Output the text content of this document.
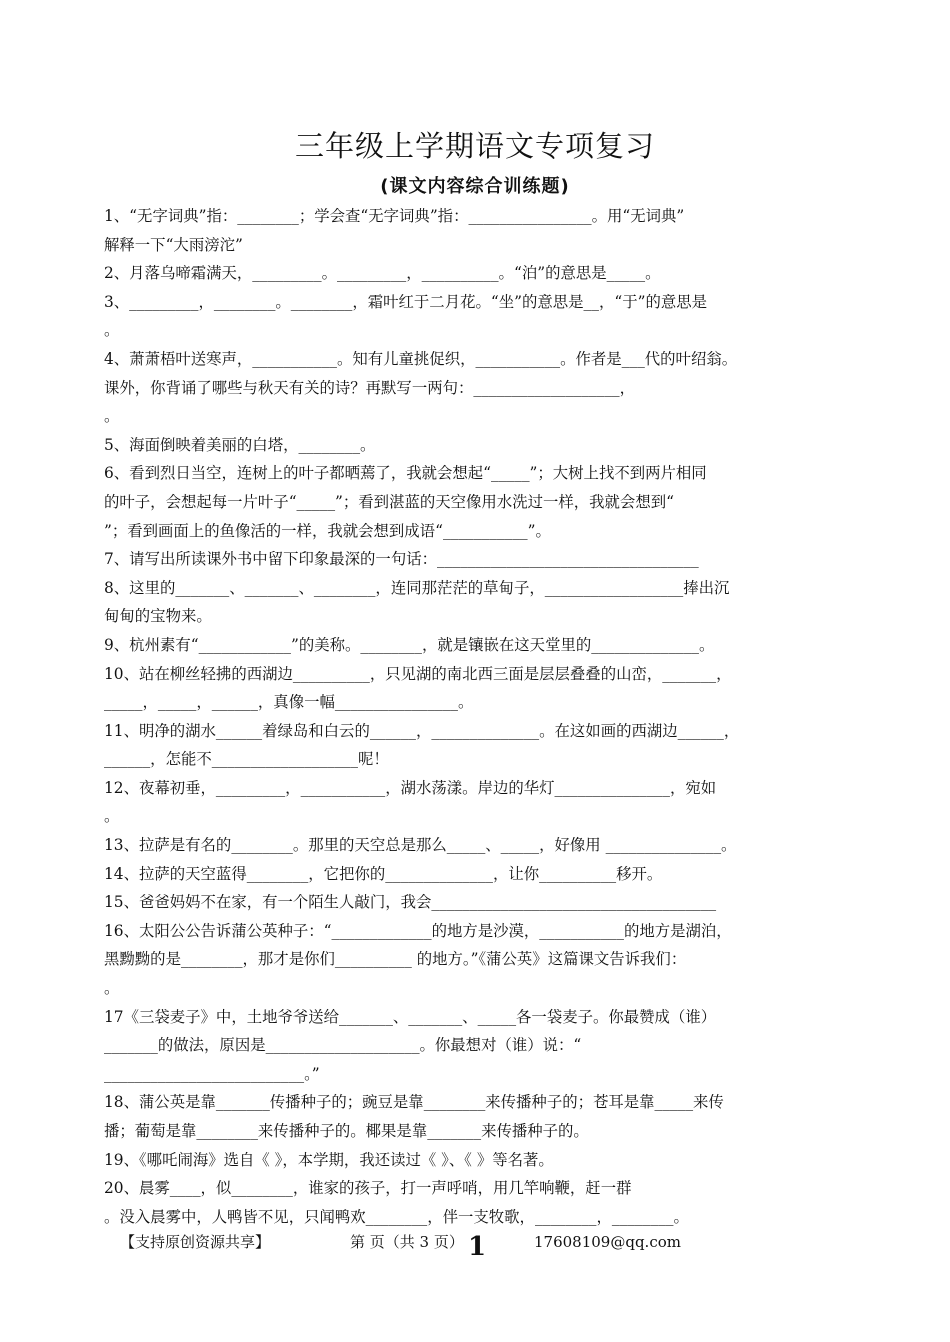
三年级上学期语文专项复习
(课文内容综合训练题)

1、“无字词典”指：________；学会查“无字词典”指：________________。用“无词典”

解释一下“大雨滂沱”

2、月落乌啼霜满天，_________。_________，__________。“泊”的意思是_____。

3、_________，________。________，霜叶红于二月花。“坐”的意思是__，“于”的意思是

。

4、萧萧梧叶送寒声，___________。知有儿童挑促织，___________。作者是___代的叶绍翁。

课外，你背诵了哪些与秋天有关的诗？再默写一两句：___________________，

。

5、海面倒映着美丽的白塔，________。

6、看到烈日当空，连树上的叶子都晒蔫了，我就会想起“_____”；大树上找不到两片相同

的叶子，会想起每一片叶子“_____”；看到湛蓝的天空像用水洗过一样，我就会想到“

”；看到画面上的鱼像活的一样，我就会想到成语“___________”。

7、请写出所读课外书中留下印象最深的一句话：__________________________________

8、这里的_______、_______、________，连同那茫茫的草甸子，__________________捧出沉

甸甸的宝物来。

9、杭州素有“____________”的美称。________，就是镶嵌在这天堂里的______________。

10、站在柳丝轻拂的西湖边__________，只见湖的南北西三面是层层叠叠的山峦，_______，

_____，_____，______，真像一幅________________。

11、明净的湖水______着绿岛和白云的______，______________。在这如画的西湖边______，

______，怎能不___________________呢！

12、夜幕初垂，_________，___________，湖水荡漾。岸边的华灯_______________，宛如

。

13、拉萨是有名的________。那里的天空总是那么_____、_____，好像用 _______________。

14、拉萨的天空蓝得________，它把你的______________，让你__________移开。

15、爸爸妈妈不在家，有一个陌生人敲门，我会_____________________________________

16、太阳公公告诉蒲公英种子：“_____________的地方是沙漠，___________的地方是湖泊，

黑黝黝的是________，那才是你们__________ 的地方。”《蒲公英》这篇课文告诉我们：

。

17《三袋麦子》中，土地爷爷送给_______、_______、_____各一袋麦子。你最赞成（谁）

_______的做法，原因是____________________。你最想对（谁）说：“

__________________________。”

18、蒲公英是靠_______传播种子的；豌豆是靠________来传播种子的；苍耳是靠_____来传

播；葡萄是靠________来传播种子的。椰果是靠_______来传播种子的。

19、《哪吒闹海》选自《 》，本学期，我还读过《 》、《 》等名著。

20、晨雾____，似________，谁家的孩子，打一声呼哨，用几竿响鞭，赶一群

。没入晨雾中，人鸭皆不见，只闻鸭欢________，伴一支牧歌，________，________。

【支持原创资源共享】	第 页（共 3 页） 1	17608109@qq.com
